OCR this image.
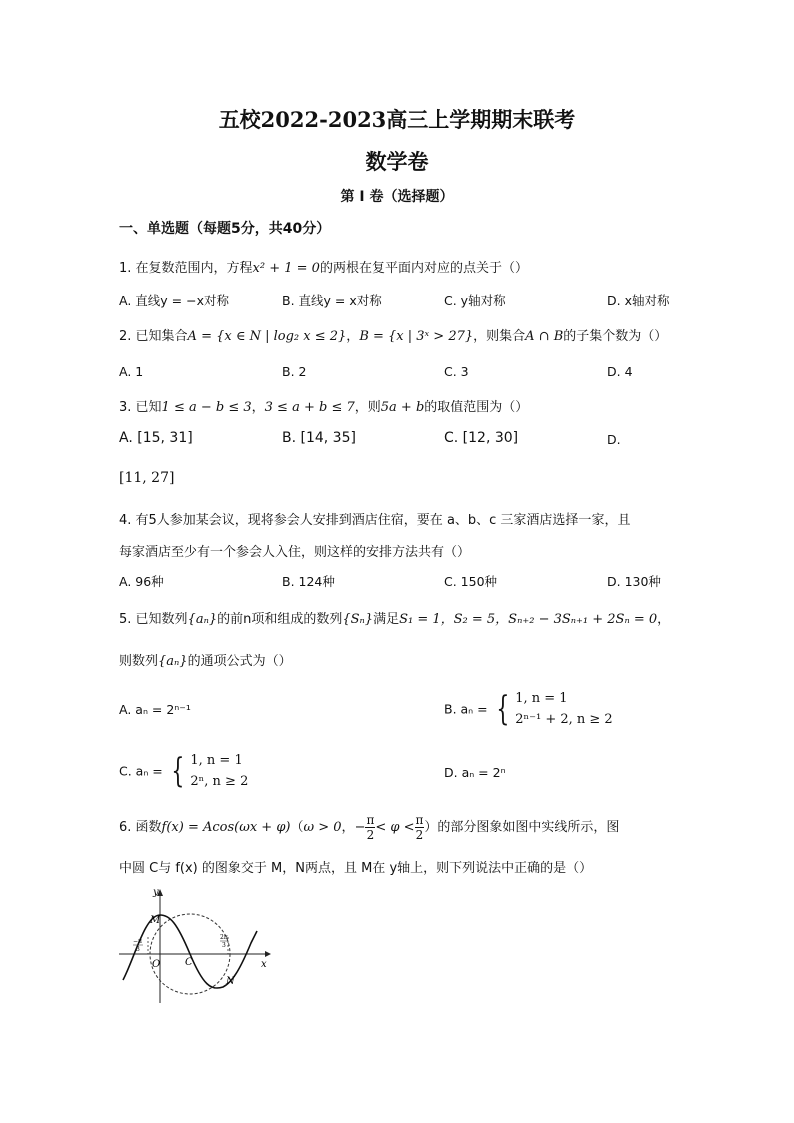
五校2022-2023高三上学期期末联考
数学卷
第 I 卷（选择题）
一、单选题（每题5分，共40分）
1. 在复数范围内，方程x² + 1 = 0的两根在复平面内对应的点关于（）
A. 直线y = −x对称	B. 直线y = x对称	C. y轴对称	D. x轴对称
2. 已知集合A = {x ∈ N | log₂ x ≤ 2}，B = {x | 3ˣ > 27}，则集合A ∩ B的子集个数为（）
A. 1	B. 2	C. 3	D. 4
3. 已知1 ≤ a − b ≤ 3，3 ≤ a + b ≤ 7，则5a + b的取值范围为（）
A. [15, 31]	B. [14, 35]	C. [12, 30]	D.
[11, 27]
4. 有5人参加某会议，现将参会人安排到酒店住宿，要在 a、b、c 三家酒店选择一家，且
每家酒店至少有一个参会人入住，则这样的安排方法共有（）
A. 96种	B. 124种	C. 150种	D. 130种
5. 已知数列{aₙ}的前n项和组成的数列{Sₙ}满足S₁ = 1，S₂ = 5，Sₙ₊₂ − 3Sₙ₊₁ + 2Sₙ = 0，
则数列{aₙ}的通项公式为（）
A. aₙ = 2ⁿ⁻¹	B. aₙ = { 1, n = 1
2ⁿ⁻¹ + 2, n ≥ 2
C. aₙ = { 1, n = 1
2ⁿ, n ≥ 2
D. aₙ = 2ⁿ
6. 函数f(x) = Acos(ωx + φ)（ω > 0，− $\frac{\pi}{2} < \varphi < \frac{\pi}{2}$ ）的部分图象如图中实线所示，图
中圆 C与 f(x) 的图象交于 M，N两点，且 M在 y轴上，则下列说法中正确的是（）
y
x
M
N
O C
−π
3
2π
3
